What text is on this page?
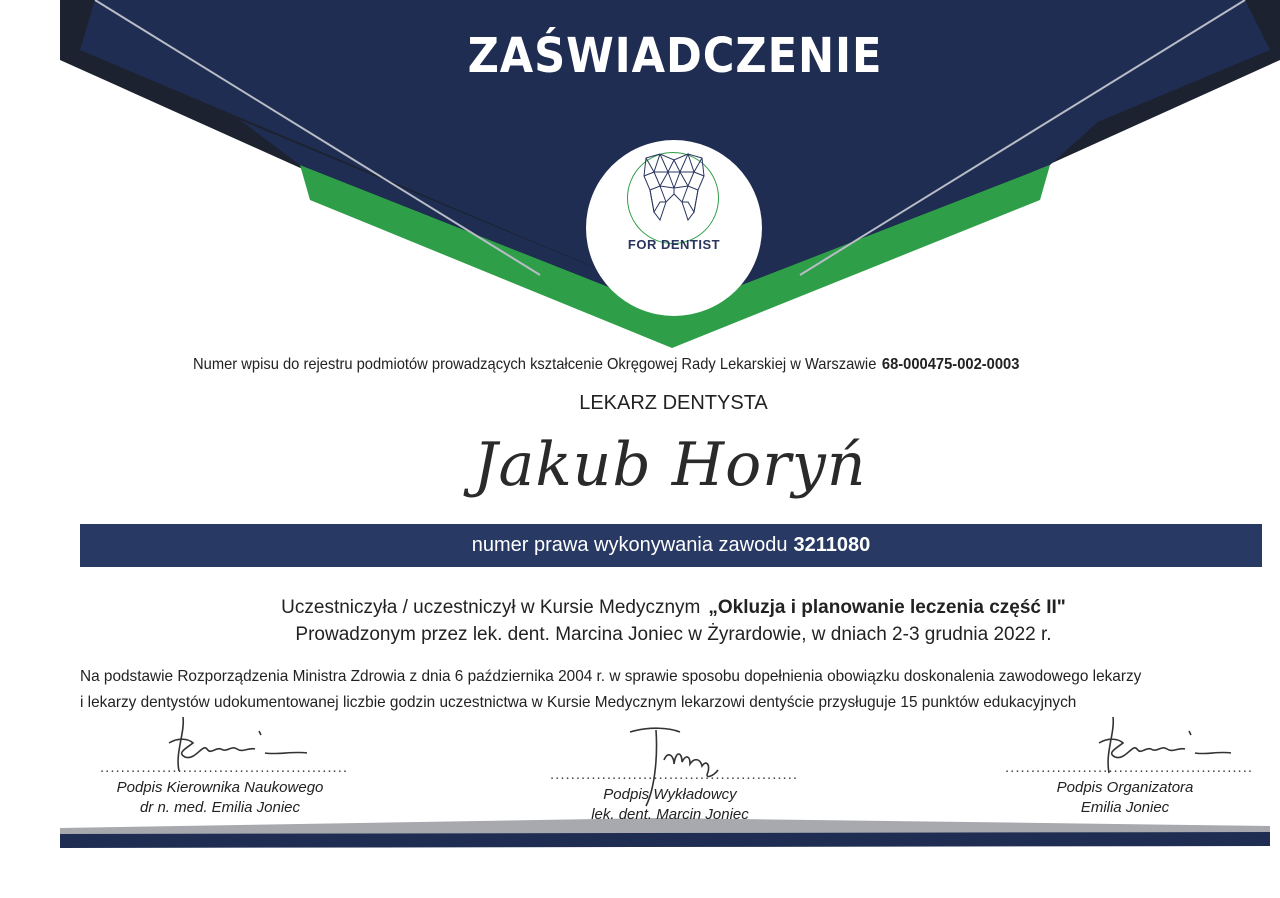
ZAŚWIADCZENIE
FOR DENTIST
Numer wpisu do rejestru podmiotów prowadzących kształcenie Okręgowej Rady Lekarskiej w Warszawie 68-000475-002-0003
LEKARZ DENTYSTA
Jakub Horyń
numer prawa wykonywania zawodu 3211080
Uczestniczyła / uczestniczył w Kursie Medycznym „Okluzja i planowanie leczenia część II"
Prowadzonym przez lek. dent. Marcina Joniec w Żyrardowie, w dniach 2-3 grudnia 2022 r.
Na podstawie Rozporządzenia Ministra Zdrowia z dnia 6 października 2004 r. w sprawie sposobu dopełnienia obowiązku doskonalenia zawodowego lekarzy
i lekarzy dentystów udokumentowanej liczbie godzin uczestnictwa w Kursie Medycznym lekarzowi dentyście przysługuje 15 punktów edukacyjnych
................................................
Podpis Kierownika Naukowego
dr n. med. Emilia Joniec
................................................
Podpis Wykładowcy
lek. dent. Marcin Joniec
................................................
Podpis Organizatora
Emilia Joniec
